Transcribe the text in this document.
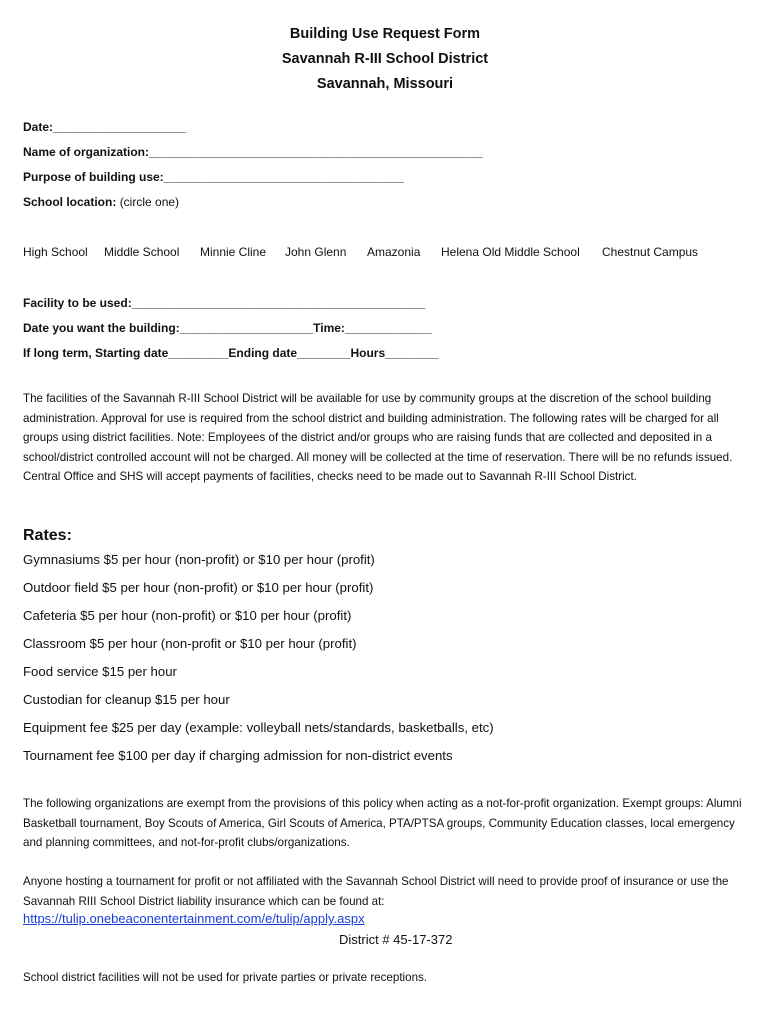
Building Use Request Form
Savannah R-III School District
Savannah, Missouri
Date:____________________
Name of organization:__________________________________________________
Purpose of building use:____________________________________
School location: (circle one)
High School Middle School Minnie Cline John Glenn Amazonia Helena Old Middle School Chestnut Campus
Facility to be used:____________________________________________
Date you want the building:____________________Time:_____________
If long term, Starting date_________Ending date________Hours________
The facilities of the Savannah R-III School District will be available for use by community groups at the discretion of the school building administration. Approval for use is required from the school district and building administration. The following rates will be charged for all groups using district facilities. Note: Employees of the district and/or groups who are raising funds that are collected and deposited in a school/district controlled account will not be charged. All money will be collected at the time of reservation. There will be no refunds issued. Central Office and SHS will accept payments of facilities, checks need to be made out to Savannah R-III School District.
Rates:
Gymnasiums $5 per hour (non-profit) or $10 per hour (profit)
Outdoor field $5 per hour (non-profit) or $10 per hour (profit)
Cafeteria $5 per hour (non-profit) or $10 per hour (profit)
Classroom $5 per hour (non-profit or $10 per hour (profit)
Food service $15 per hour
Custodian for cleanup $15 per hour
Equipment fee $25 per day (example: volleyball nets/standards, basketballs, etc)
Tournament fee $100 per day if charging admission for non-district events
The following organizations are exempt from the provisions of this policy when acting as a not-for-profit organization. Exempt groups: Alumni Basketball tournament, Boy Scouts of America, Girl Scouts of America, PTA/PTSA groups, Community Education classes, local emergency and planning committees, and not-for-profit clubs/organizations.
Anyone hosting a tournament for profit or not affiliated with the Savannah School District will need to provide proof of insurance or use the Savannah RIII School District liability insurance which can be found at:
https://tulip.onebeaconentertainment.com/e/tulip/apply.aspx
District # 45-17-372
School district facilities will not be used for private parties or private receptions.
